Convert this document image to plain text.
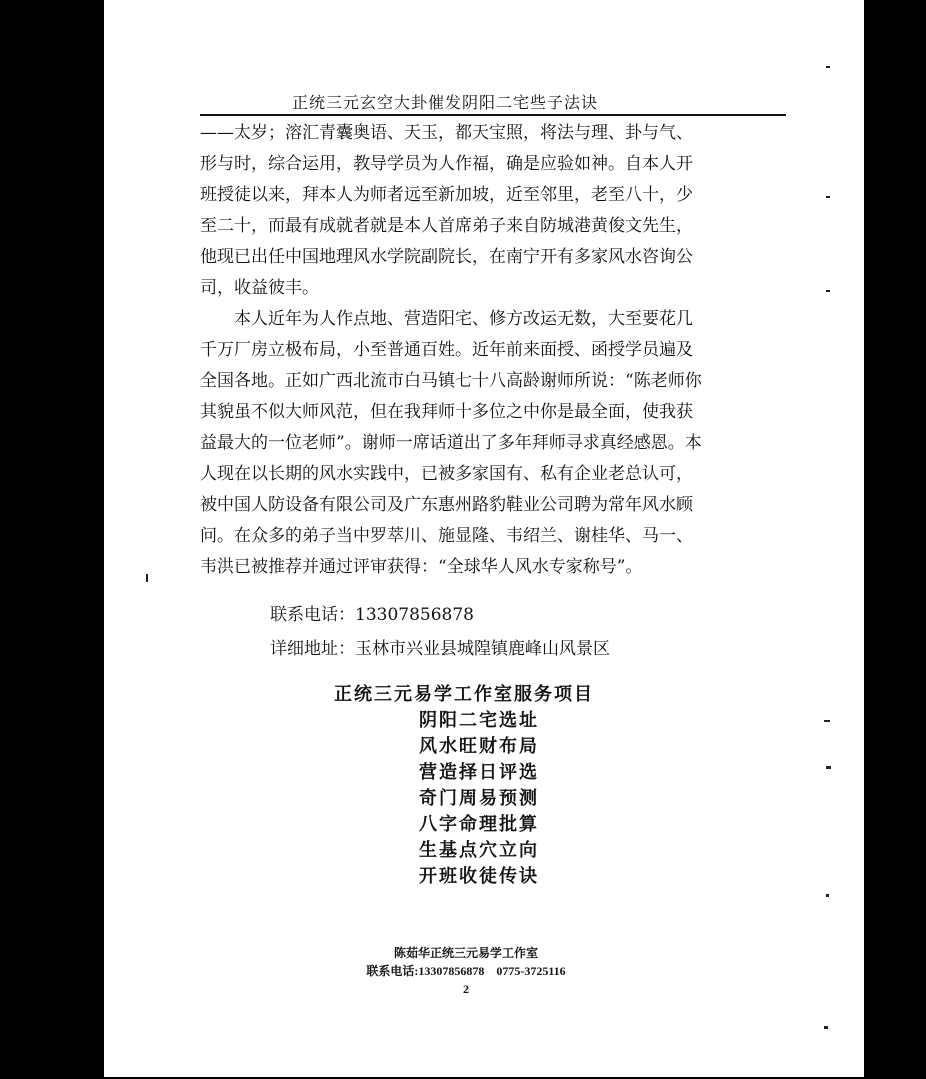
正统三元玄空大卦催发阴阳二宅些子法诀
——太岁；溶汇青囊奥语、天玉，都天宝照，将法与理、卦与气、
形与时，综合运用，教导学员为人作福，确是应验如神。自本人开
班授徒以来，拜本人为师者远至新加坡，近至邻里，老至八十，少
至二十，而最有成就者就是本人首席弟子来自防城港黄俊文先生，
他现已出任中国地理风水学院副院长，在南宁开有多家风水咨询公
司，收益彼丰。
　　本人近年为人作点地、营造阳宅、修方改运无数，大至要花几
千万厂房立极布局，小至普通百姓。近年前来面授、函授学员遍及
全国各地。正如广西北流市白马镇七十八高龄谢师所说：“陈老师你
其貌虽不似大师风范，但在我拜师十多位之中你是最全面，使我获
益最大的一位老师”。谢师一席话道出了多年拜师寻求真经感恩。本
人现在以长期的风水实践中，已被多家国有、私有企业老总认可，
被中国人防设备有限公司及广东惠州路豹鞋业公司聘为常年风水顾
问。在众多的弟子当中罗萃川、施显隆、韦绍兰、谢桂华、马一、
韦洪已被推荐并通过评审获得：“全球华人风水专家称号”。
联系电话：13307856878
详细地址：玉林市兴业县城隍镇鹿峰山风景区
正统三元易学工作室服务项目
阴阳二宅选址
风水旺财布局
营造择日评选
奇门周易预测
八字命理批算
生基点穴立向
开班收徒传诀
陈茹华正统三元易学工作室
联系电话:13307856878　0775-3725116
2
